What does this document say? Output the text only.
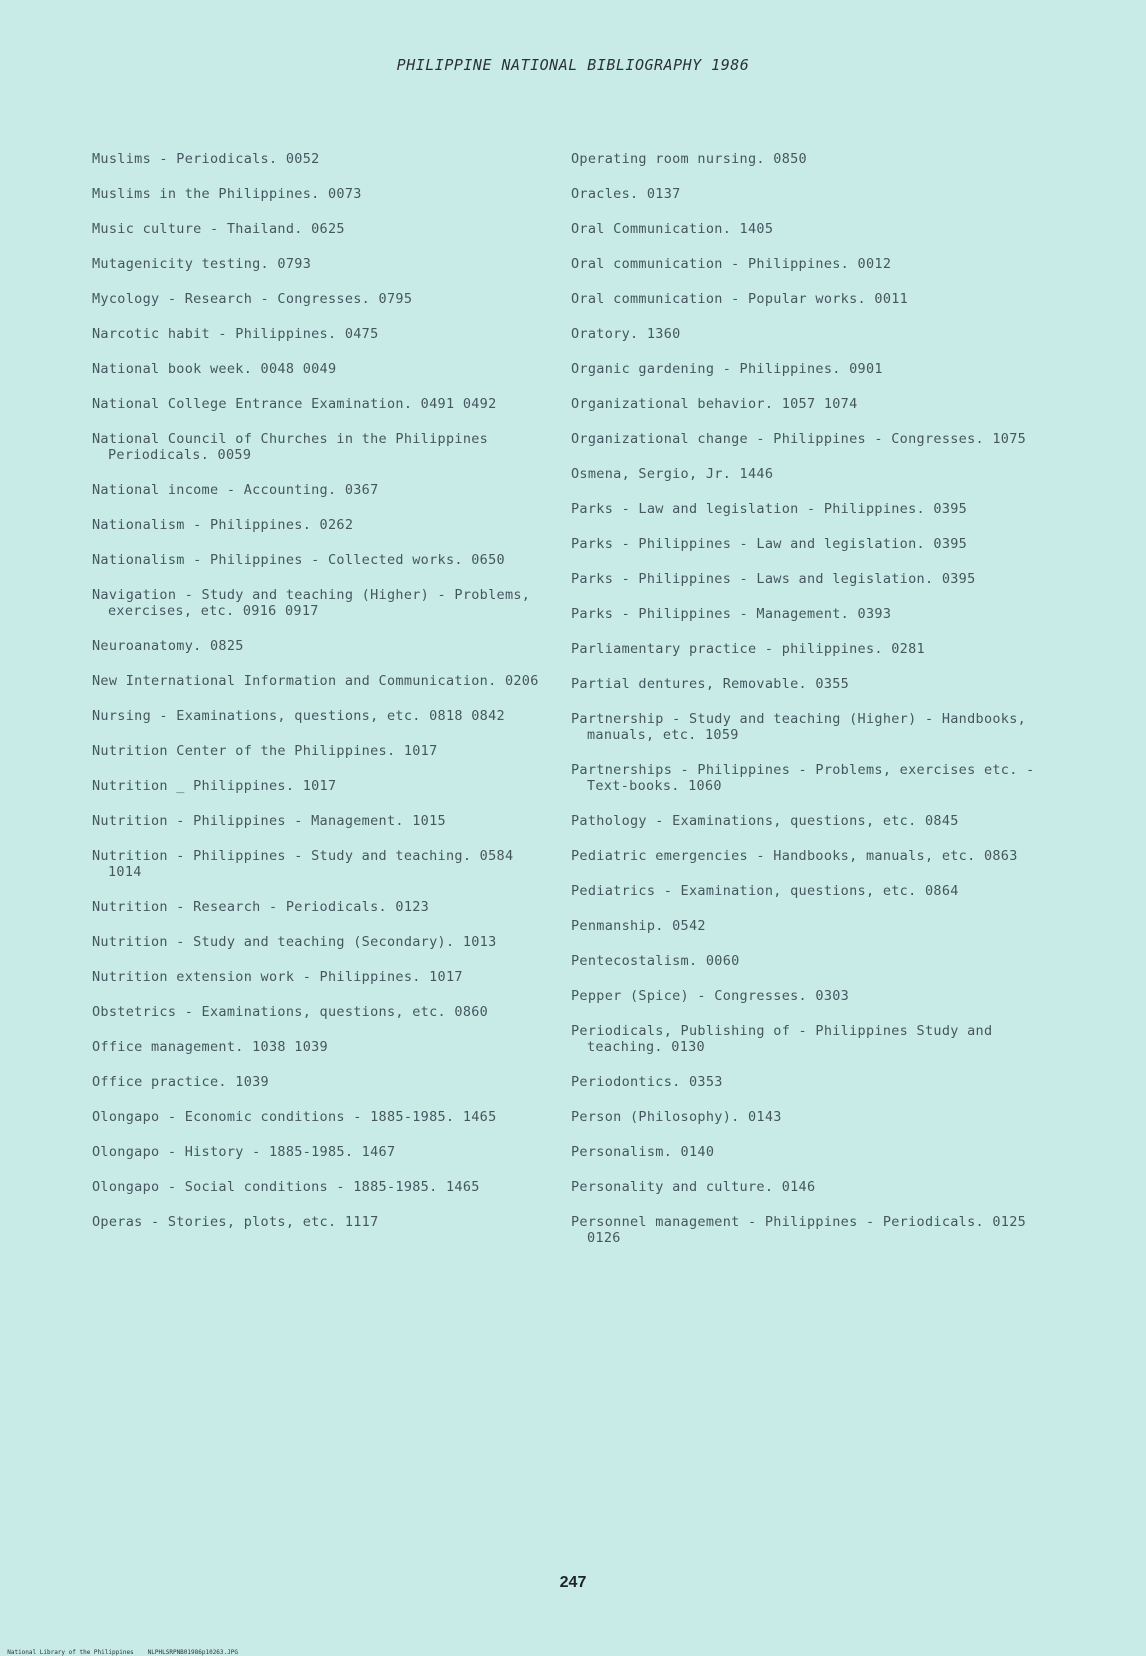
PHILIPPINE NATIONAL BIBLIOGRAPHY 1986

Muslims - Periodicals. 0052

Muslims in the Philippines. 0073

Music culture - Thailand. 0625

Mutagenicity testing. 0793

Mycology - Research - Congresses. 0795

Narcotic habit - Philippines. 0475

National book week. 0048 0049

National College Entrance Examination. 0491 0492

National Council of Churches in the Philippines Periodicals. 0059

National income - Accounting. 0367

Nationalism - Philippines. 0262

Nationalism - Philippines - Collected works. 0650

Navigation - Study and teaching (Higher) - Problems, exercises, etc. 0916 0917

Neuroanatomy. 0825

New International Information and Communication. 0206

Nursing - Examinations, questions, etc. 0818 0842

Nutrition Center of the Philippines. 1017

Nutrition _ Philippines. 1017

Nutrition - Philippines - Management. 1015

Nutrition - Philippines - Study and teaching. 0584 1014

Nutrition - Research - Periodicals. 0123

Nutrition - Study and teaching (Secondary). 1013

Nutrition extension work - Philippines. 1017

Obstetrics - Examinations, questions, etc. 0860

Office management. 1038 1039

Office practice. 1039

Olongapo - Economic conditions - 1885-1985. 1465

Olongapo - History - 1885-1985. 1467

Olongapo - Social conditions - 1885-1985. 1465

Operas - Stories, plots, etc. 1117

Operating room nursing. 0850

Oracles. 0137

Oral Communication. 1405

Oral communication - Philippines. 0012

Oral communication - Popular works. 0011

Oratory. 1360

Organic gardening - Philippines. 0901

Organizational behavior. 1057 1074

Organizational change - Philippines - Congresses. 1075

Osmena, Sergio, Jr. 1446

Parks - Law and legislation - Philippines. 0395

Parks - Philippines - Law and legislation. 0395

Parks - Philippines - Laws and legislation. 0395

Parks - Philippines - Management. 0393

Parliamentary practice - philippines. 0281

Partial dentures, Removable. 0355

Partnership - Study and teaching (Higher) - Handbooks, manuals, etc. 1059

Partnerships - Philippines - Problems, exercises etc. - Text-books. 1060

Pathology - Examinations, questions, etc. 0845

Pediatric emergencies - Handbooks, manuals, etc. 0863

Pediatrics - Examination, questions, etc. 0864

Penmanship. 0542

Pentecostalism. 0060

Pepper (Spice) - Congresses. 0303

Periodicals, Publishing of - Philippines Study and teaching. 0130

Periodontics. 0353

Person (Philosophy). 0143

Personalism. 0140

Personality and culture. 0146

Personnel management - Philippines - Periodicals. 0125 0126

247

National Library of the Philippines NLPHLSRPNB01986p10263.JPG
